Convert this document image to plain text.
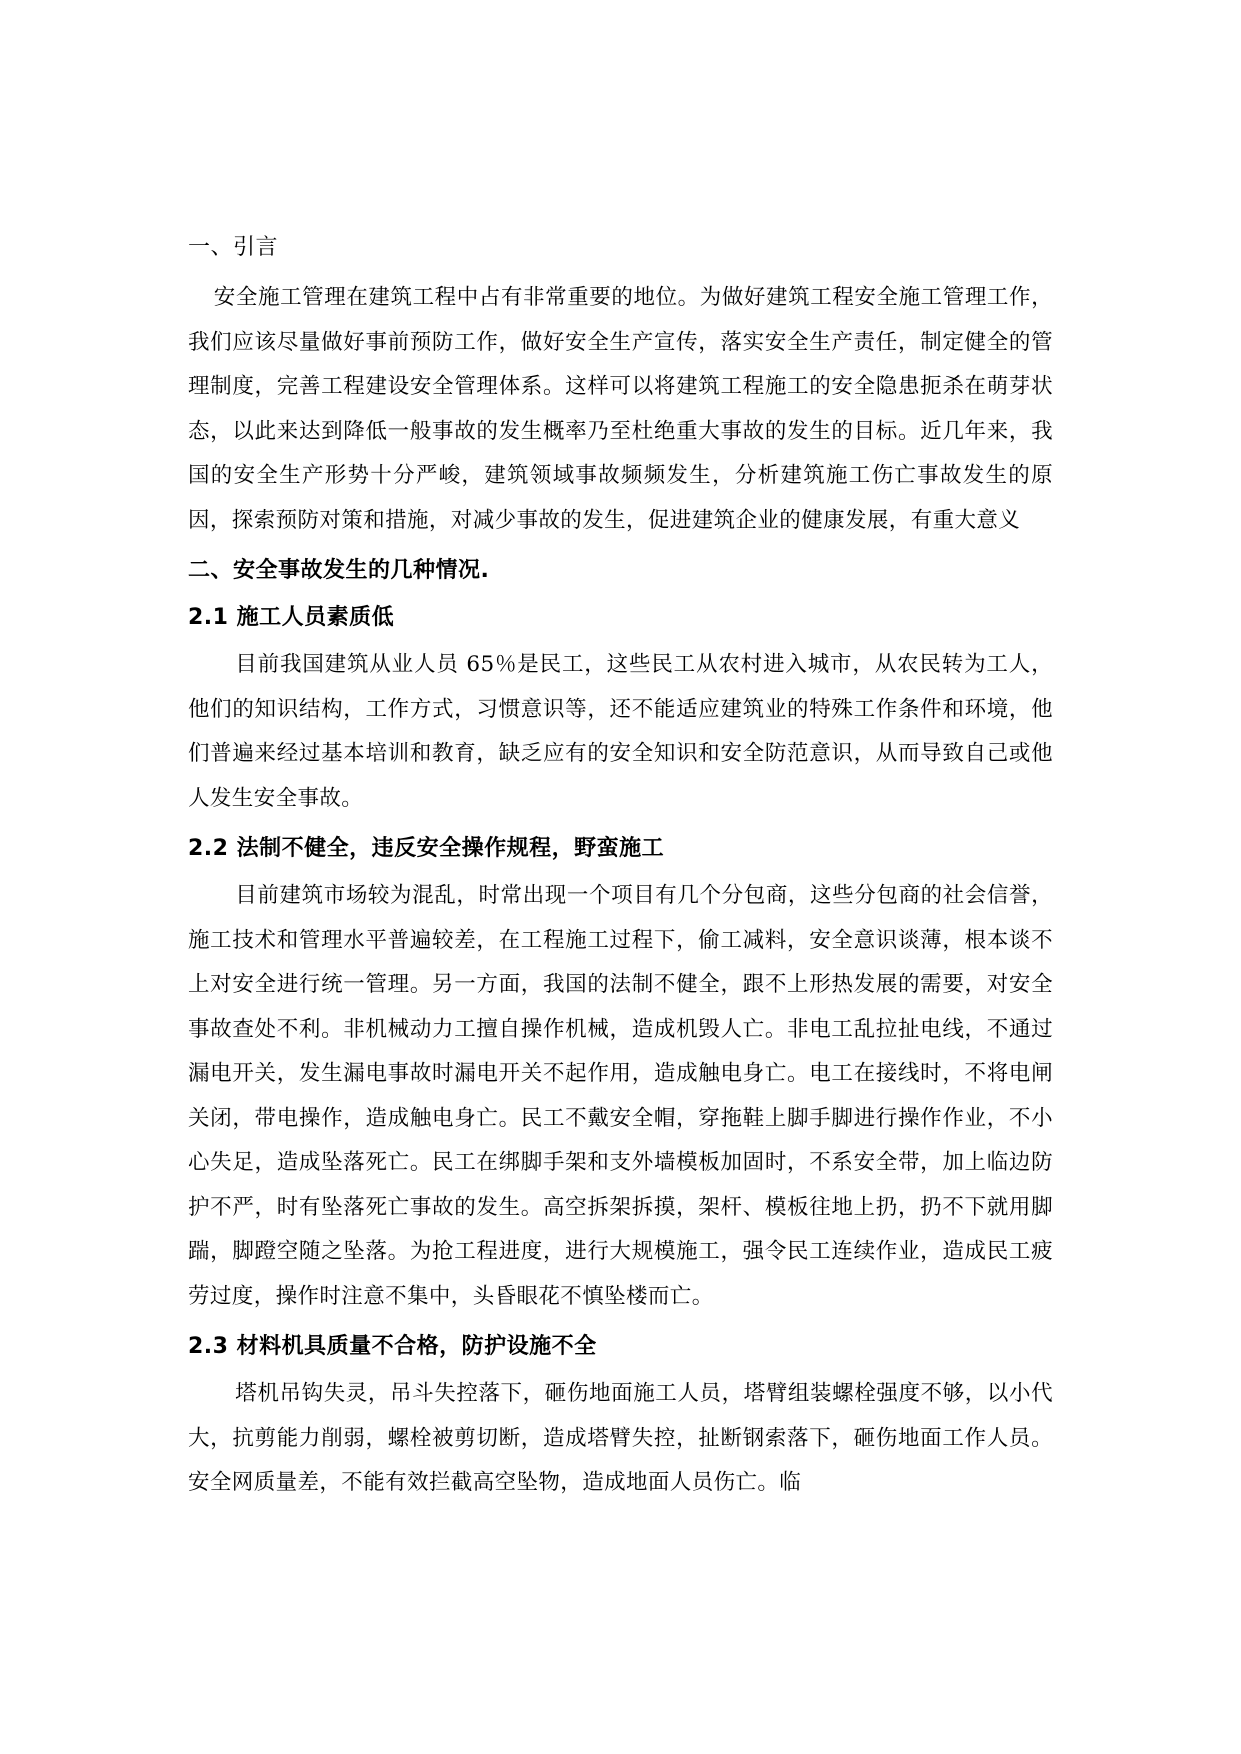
一、引言

安全施工管理在建筑工程中占有非常重要的地位。为做好建筑工程安全施工管理工作，我们应该尽量做好事前预防工作，做好安全生产宣传，落实安全生产责任，制定健全的管理制度，完善工程建设安全管理体系。这样可以将建筑工程施工的安全隐患扼杀在萌芽状态，以此来达到降低一般事故的发生概率乃至杜绝重大事故的发生的目标。近几年来，我国的安全生产形势十分严峻，建筑领域事故频频发生，分析建筑施工伤亡事故发生的原因，探索预防对策和措施，对减少事故的发生，促进建筑企业的健康发展，有重大意义

二、安全事故发生的几种情况.
2.1 施工人员素质低

目前我国建筑从业人员 65％是民工，这些民工从农村进入城市，从农民转为工人，他们的知识结构，工作方式，习惯意识等，还不能适应建筑业的特殊工作条件和环境，他们普遍来经过基本培训和教育，缺乏应有的安全知识和安全防范意识，从而导致自己或他人发生安全事故。

2.2 法制不健全，违反安全操作规程，野蛮施工

目前建筑市场较为混乱，时常出现一个项目有几个分包商，这些分包商的社会信誉，施工技术和管理水平普遍较差，在工程施工过程下，偷工减料，安全意识谈薄，根本谈不上对安全进行统一管理。另一方面，我国的法制不健全，跟不上形热发展的需要，对安全事故查处不利。非机械动力工擅自操作机械，造成机毁人亡。非电工乱拉扯电线，不通过漏电开关，发生漏电事故时漏电开关不起作用，造成触电身亡。电工在接线时，不将电闸关闭，带电操作，造成触电身亡。民工不戴安全帽，穿拖鞋上脚手脚进行操作作业，不小心失足，造成坠落死亡。民工在绑脚手架和支外墙模板加固时，不系安全带，加上临边防护不严，时有坠落死亡事故的发生。高空拆架拆摸，架杆、模板往地上扔，扔不下就用脚踹，脚蹬空随之坠落。为抢工程进度，进行大规模施工，强令民工连续作业，造成民工疲劳过度，操作时注意不集中，头昏眼花不慎坠楼而亡。

2.3 材料机具质量不合格，防护设施不全

塔机吊钩失灵，吊斗失控落下，砸伤地面施工人员，塔臂组装螺栓强度不够，以小代大，抗剪能力削弱，螺栓被剪切断，造成塔臂失控，扯断钢索落下，砸伤地面工作人员。安全网质量差，不能有效拦截高空坠物，造成地面人员伤亡。临
